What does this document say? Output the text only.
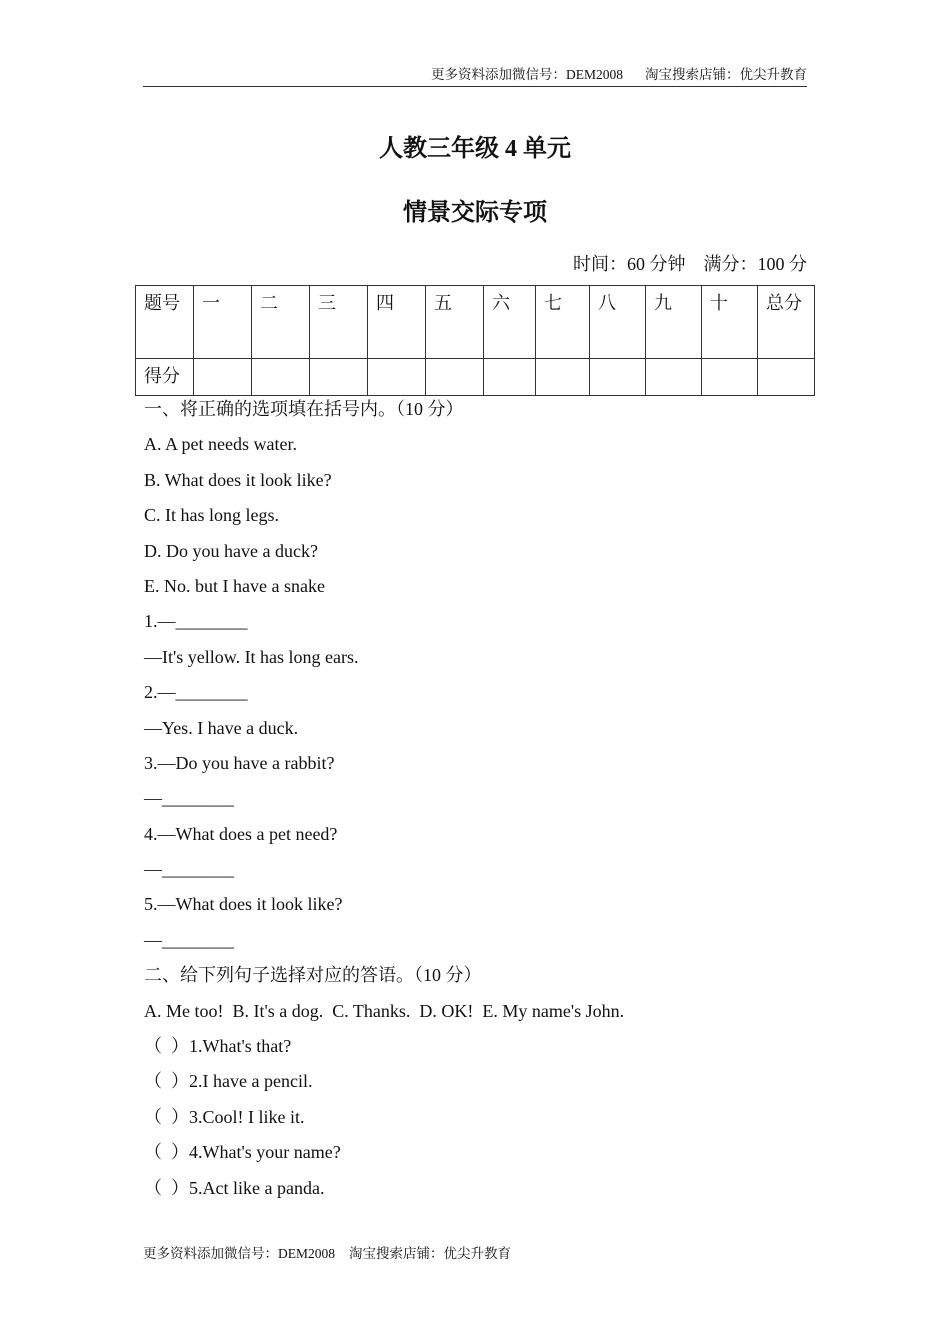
更多资料添加微信号：DEM2008 淘宝搜索店铺：优尖升教育
人教三年级 4 单元
情景交际专项
时间：60 分钟 满分：100 分
题号	一	二	三	四	五	六	七	八	九	十	总分
得分											
一、将正确的选项填在括号内。（10 分）
A. A pet needs water.
B. What does it look like?
C. It has long legs.
D. Do you have a duck?
E. No. but I have a snake
1.—________
—It's yellow. It has long ears.
2.—________
—Yes. I have a duck.
3.—Do you have a rabbit?
—________
4.—What does a pet need?
—________
5.—What does it look like?
—________
二、给下列句子选择对应的答语。（10 分）
A. Me too!  B. It's a dog.  C. Thanks.  D. OK!  E. My name's John.
（  ）1.What's that?
（  ）2.I have a pencil.
（  ）3.Cool! I like it.
（  ）4.What's your name?
（  ）5.Act like a panda.
更多资料添加微信号：DEM2008 淘宝搜索店铺：优尖升教育
